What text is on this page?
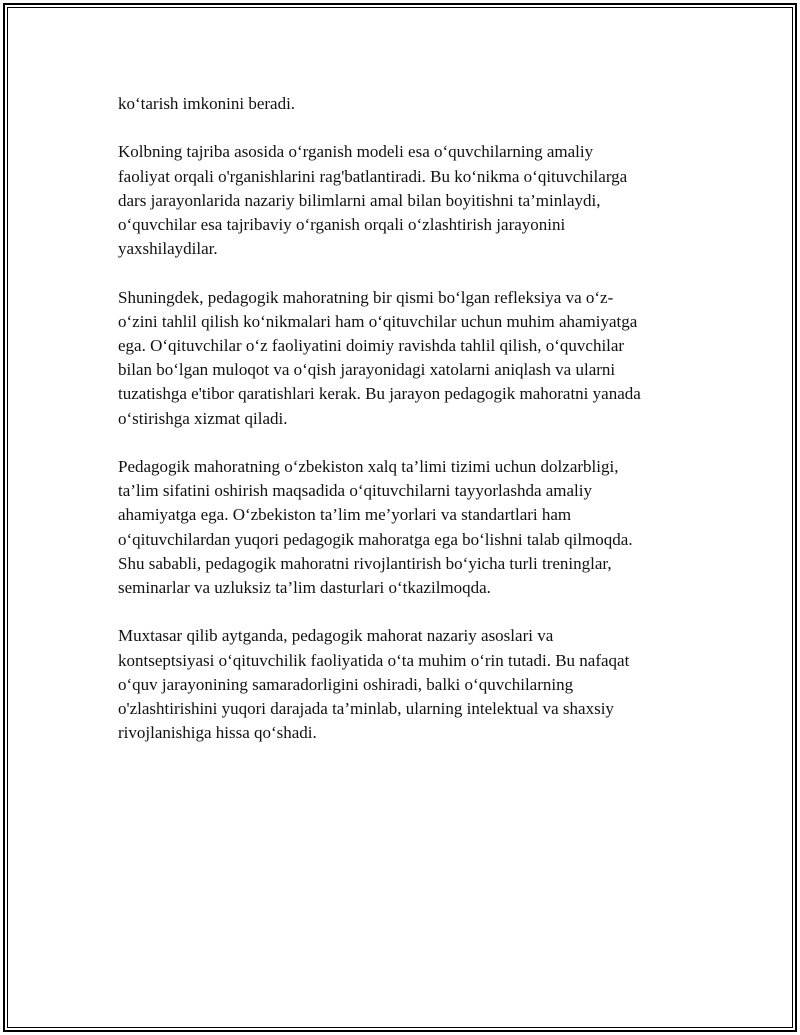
ko‘tarish imkonini beradi.

Kolbning tajriba asosida o‘rganish modeli esa o‘quvchilarning amaliy
faoliyat orqali o'rganishlarini rag'batlantiradi. Bu ko‘nikma o‘qituvchilarga
dars jarayonlarida nazariy bilimlarni amal bilan boyitishni ta’minlaydi,
o‘quvchilar esa tajribaviy o‘rganish orqali o‘zlashtirish jarayonini
yaxshilaydilar.

Shuningdek, pedagogik mahoratning bir qismi bo‘lgan refleksiya va o‘z-
o‘zini tahlil qilish ko‘nikmalari ham o‘qituvchilar uchun muhim ahamiyatga
ega. O‘qituvchilar o‘z faoliyatini doimiy ravishda tahlil qilish, o‘quvchilar
bilan bo‘lgan muloqot va o‘qish jarayonidagi xatolarni aniqlash va ularni
tuzatishga e'tibor qaratishlari kerak. Bu jarayon pedagogik mahoratni yanada
o‘stirishga xizmat qiladi.

Pedagogik mahoratning o‘zbekiston xalq ta’limi tizimi uchun dolzarbligi,
ta’lim sifatini oshirish maqsadida o‘qituvchilarni tayyorlashda amaliy
ahamiyatga ega. O‘zbekiston ta’lim me’yorlari va standartlari ham
o‘qituvchilardan yuqori pedagogik mahoratga ega bo‘lishni talab qilmoqda.
Shu sababli, pedagogik mahoratni rivojlantirish bo‘yicha turli treninglar,
seminarlar va uzluksiz ta’lim dasturlari o‘tkazilmoqda.

Muxtasar qilib aytganda, pedagogik mahorat nazariy asoslari va
kontseptsiyasi o‘qituvchilik faoliyatida o‘ta muhim o‘rin tutadi. Bu nafaqat
o‘quv jarayonining samaradorligini oshiradi, balki o‘quvchilarning
o'zlashtirishini yuqori darajada ta’minlab, ularning intelektual va shaxsiy
rivojlanishiga hissa qo‘shadi.
